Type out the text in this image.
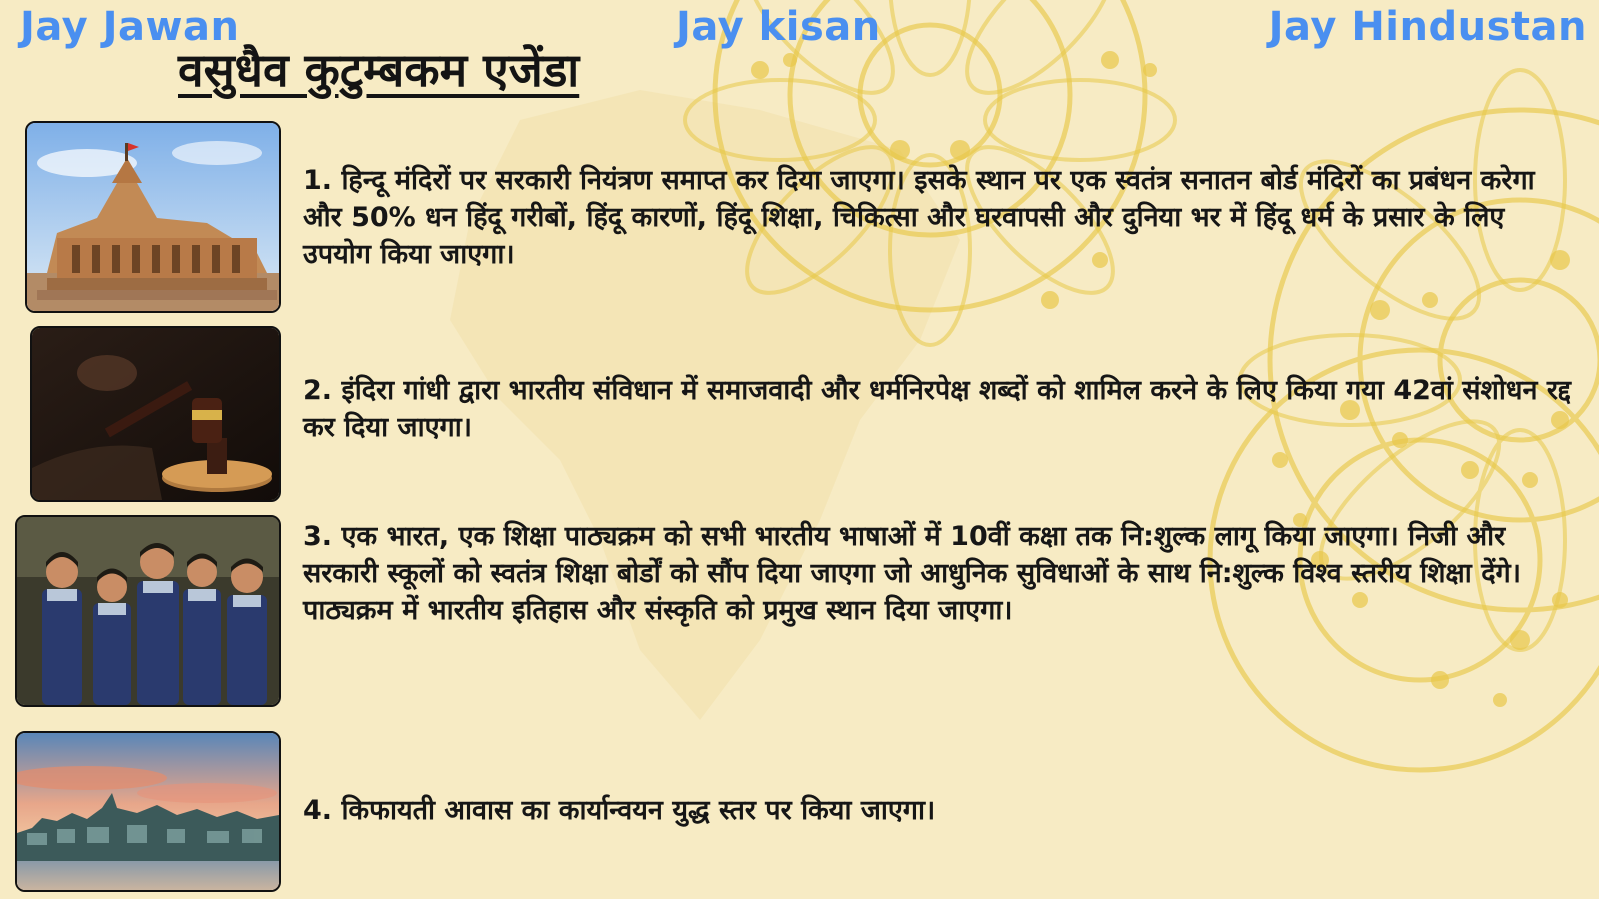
Jay Jawan	Jay kisan	Jay Hindustan
वसुधैव कुटुम्बकम एजेंडा
1. हिन्दू मंदिरों पर सरकारी नियंत्रण समाप्त कर दिया जाएगा। इसके स्थान पर एक स्वतंत्र सनातन बोर्ड मंदिरों का प्रबंधन करेगा और 50% धन हिंदू गरीबों, हिंदू कारणों, हिंदू शिक्षा, चिकित्सा और घरवापसी और दुनिया भर में हिंदू धर्म के प्रसार के लिए उपयोग किया जाएगा।
2. इंदिरा गांधी द्वारा भारतीय संविधान में समाजवादी और धर्मनिरपेक्ष शब्दों को शामिल करने के लिए किया गया 42वां संशोधन रद्द कर दिया जाएगा।
3. एक भारत, एक शिक्षा पाठ्यक्रम को सभी भारतीय भाषाओं में 10वीं कक्षा तक नि:शुल्क लागू किया जाएगा। निजी और सरकारी स्कूलों को स्वतंत्र शिक्षा बोर्डों को सौंप दिया जाएगा जो आधुनिक सुविधाओं के साथ नि:शुल्क विश्व स्तरीय शिक्षा देंगे। पाठ्यक्रम में भारतीय इतिहास और संस्कृति को प्रमुख स्थान दिया जाएगा।
4. किफायती आवास का कार्यान्वयन युद्ध स्तर पर किया जाएगा।
